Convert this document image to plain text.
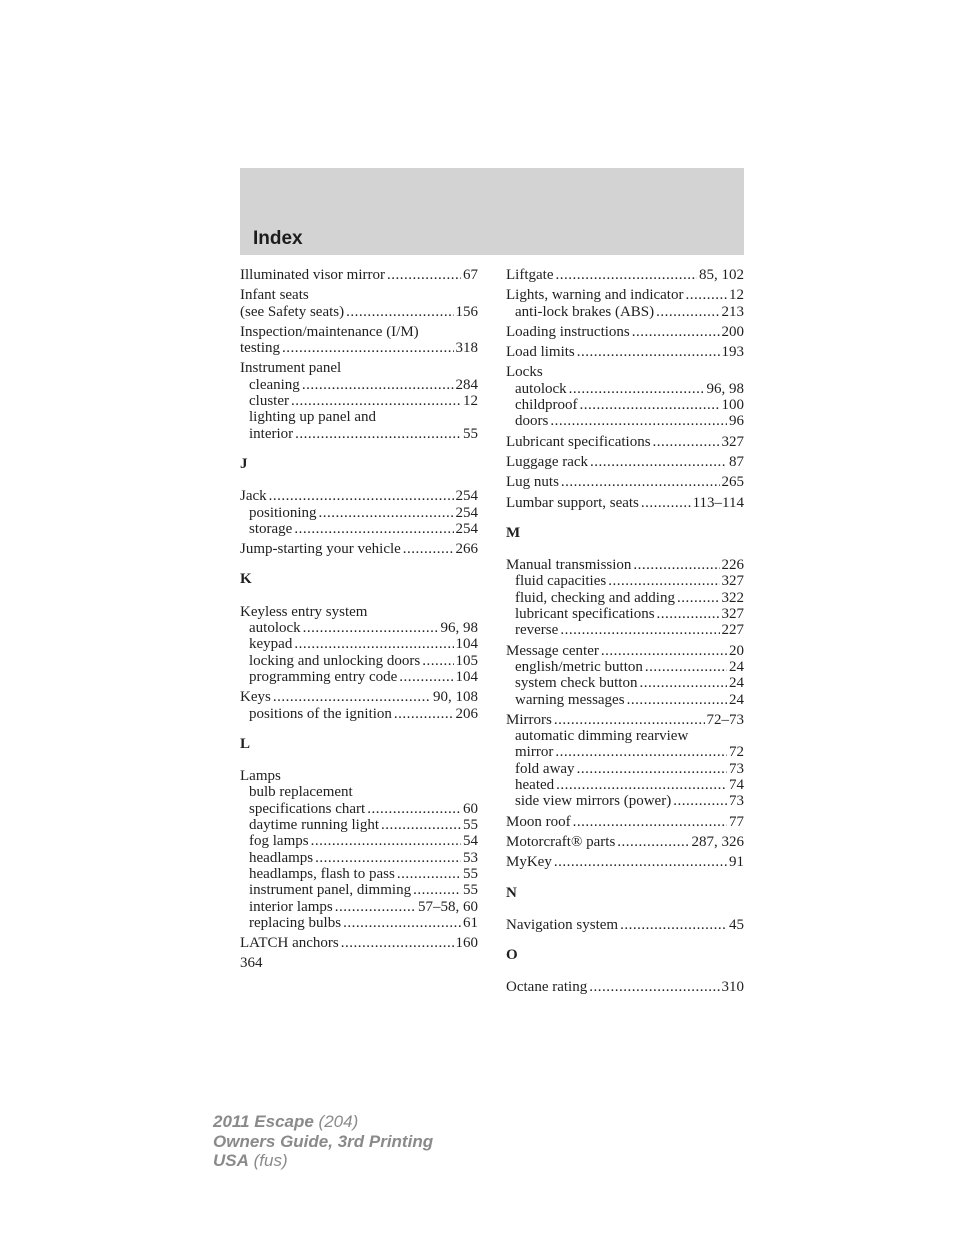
Index
Illuminated visor mirror .....	67
Infant seats
(see Safety seats) .....	156
Inspection/maintenance (I/M)
testing .....	318
Instrument panel
cleaning .....	284
cluster .....	12
lighting up panel and
interior .....	55
J
Jack .....	254
positioning .....	254
storage .....	254
Jump-starting your vehicle .....	266
K
Keyless entry system
autolock .....	96, 98
keypad .....	104
locking and unlocking doors ..... 105
programming entry code .....	104
Keys .....	90, 108
positions of the ignition .....	206
L
Lamps
bulb replacement
specifications chart .....	60
daytime running light .....	55
fog lamps .....	54
headlamps .....	53
headlamps, flash to pass .....	55
instrument panel, dimming .....	55
interior lamps .....	57–58, 60
replacing bulbs .....	61
LATCH anchors .....	160
364
Liftgate .....	85, 102
Lights, warning and indicator .....	12
anti-lock brakes (ABS) .....	213
Loading instructions .....	200
Load limits .....	193
Locks
autolock .....	96, 98
childproof .....	100
doors .....	96
Lubricant specifications .....	327
Luggage rack .....	87
Lug nuts .....	265
Lumbar support, seats .....	113–114
M
Manual transmission .....	226
fluid capacities .....	327
fluid, checking and adding .....	322
lubricant specifications .....	327
reverse .....	227
Message center .....	20
english/metric button .....	24
system check button .....	24
warning messages .....	24
Mirrors .....	72–73
automatic dimming rearview
mirror .....	72
fold away .....	73
heated .....	74
side view mirrors (power) .....	73
Moon roof .....	77
Motorcraft® parts .....	287, 326
MyKey .....	91
N
Navigation system .....	45
O
Octane rating .....	310
2011 Escape (204)
Owners Guide, 3rd Printing
USA (fus)
